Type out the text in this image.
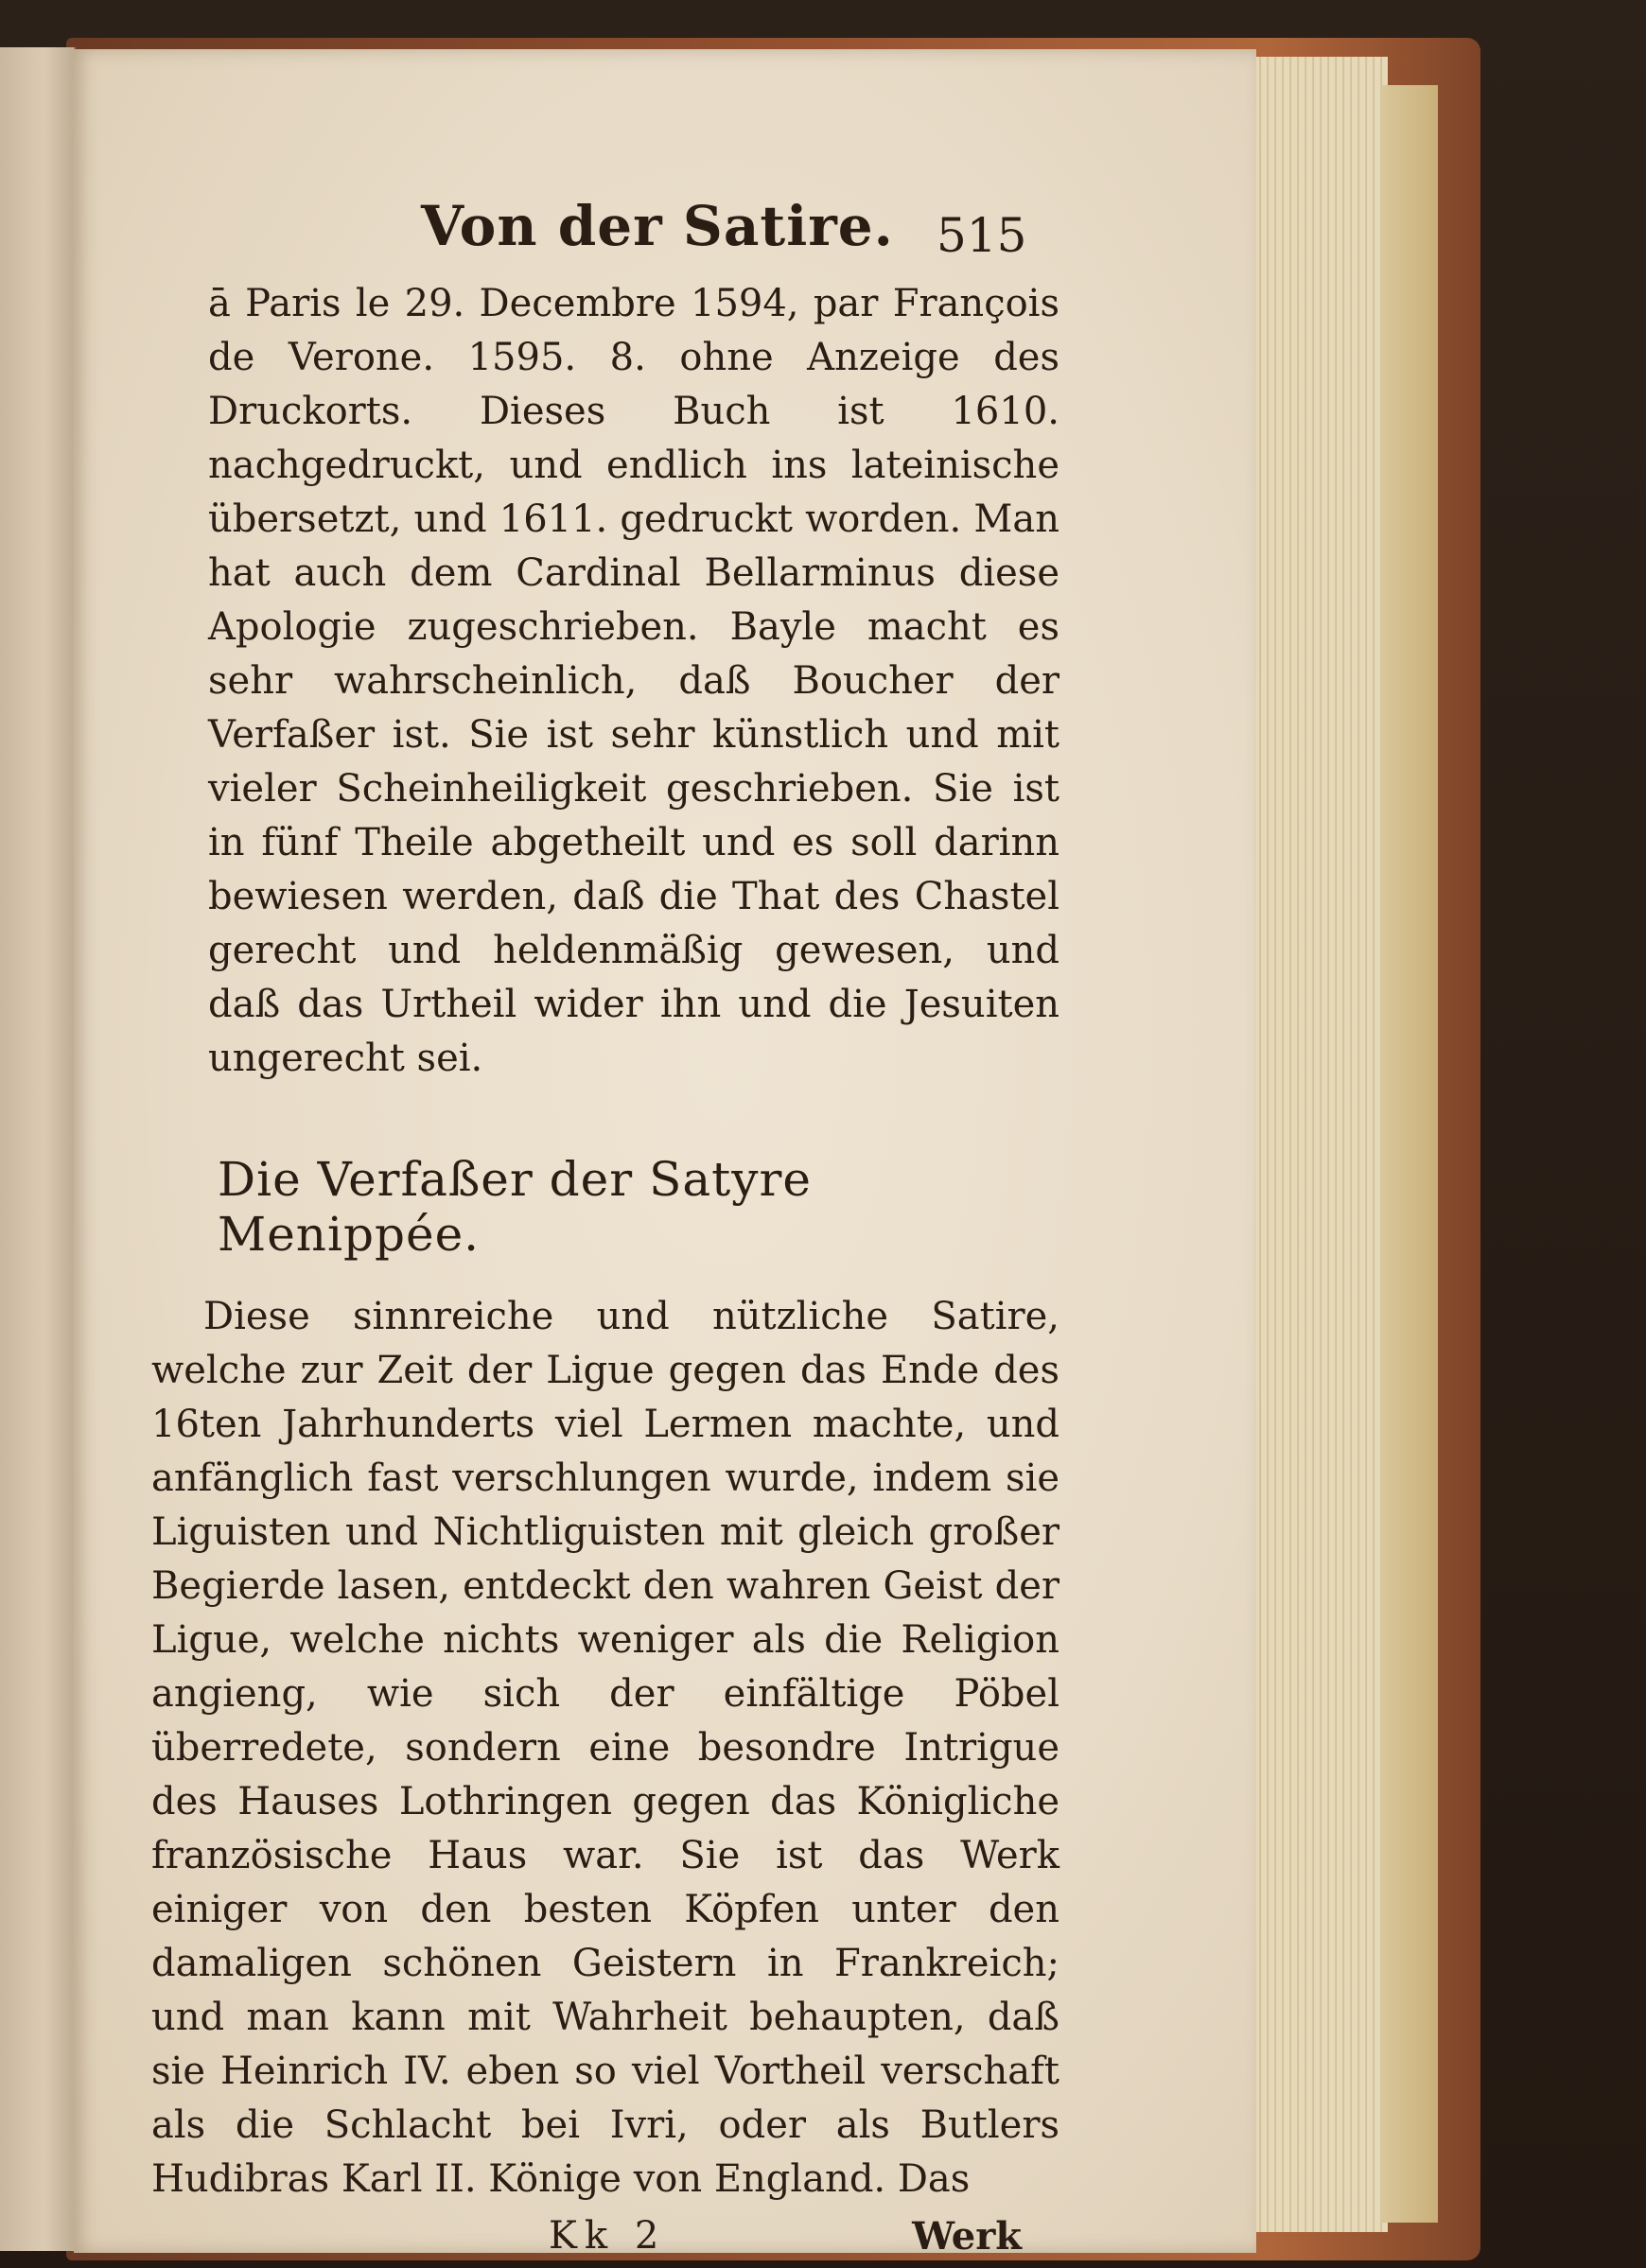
Von der Satire. 515

ā Paris le 29. Decembre 1594, par François de Verone. 1595. 8. ohne Anzeige des Druckorts. Dieses Buch ist 1610. nachgedruckt, und endlich ins lateinische übersetzt, und 1611. gedruckt worden. Man hat auch dem Cardinal Bellarminus diese Apologie zugeschrieben. Bayle macht es sehr wahrscheinlich, daß Boucher der Verfaßer ist. Sie ist sehr künstlich und mit vieler Scheinheiligkeit geschrieben. Sie ist in fünf Theile abgetheilt und es soll darinn bewiesen werden, daß die That des Chastel gerecht und heldenmäßig gewesen, und daß das Urtheil wider ihn und die Jesuiten ungerecht sei.

Die Verfaßer der Satyre Menippée.

Diese sinnreiche und nützliche Satire, welche zur Zeit der Ligue gegen das Ende des 16ten Jahrhunderts viel Lermen machte, und anfänglich fast verschlungen wurde, indem sie Liguisten und Nichtliguisten mit gleich großer Begierde lasen, entdeckt den wahren Geist der Ligue, welche nichts weniger als die Religion angieng, wie sich der einfältige Pöbel überredete, sondern eine besondre Intrigue des Hauses Lothringen gegen das Königliche französische Haus war. Sie ist das Werk einiger von den besten Köpfen unter den damaligen schönen Geistern in Frankreich; und man kann mit Wahrheit behaupten, daß sie Heinrich IV. eben so viel Vortheil verschaft als die Schlacht bei Ivri, oder als Butlers Hudibras Karl II. Könige von England. Das

Kk 2	Werk
